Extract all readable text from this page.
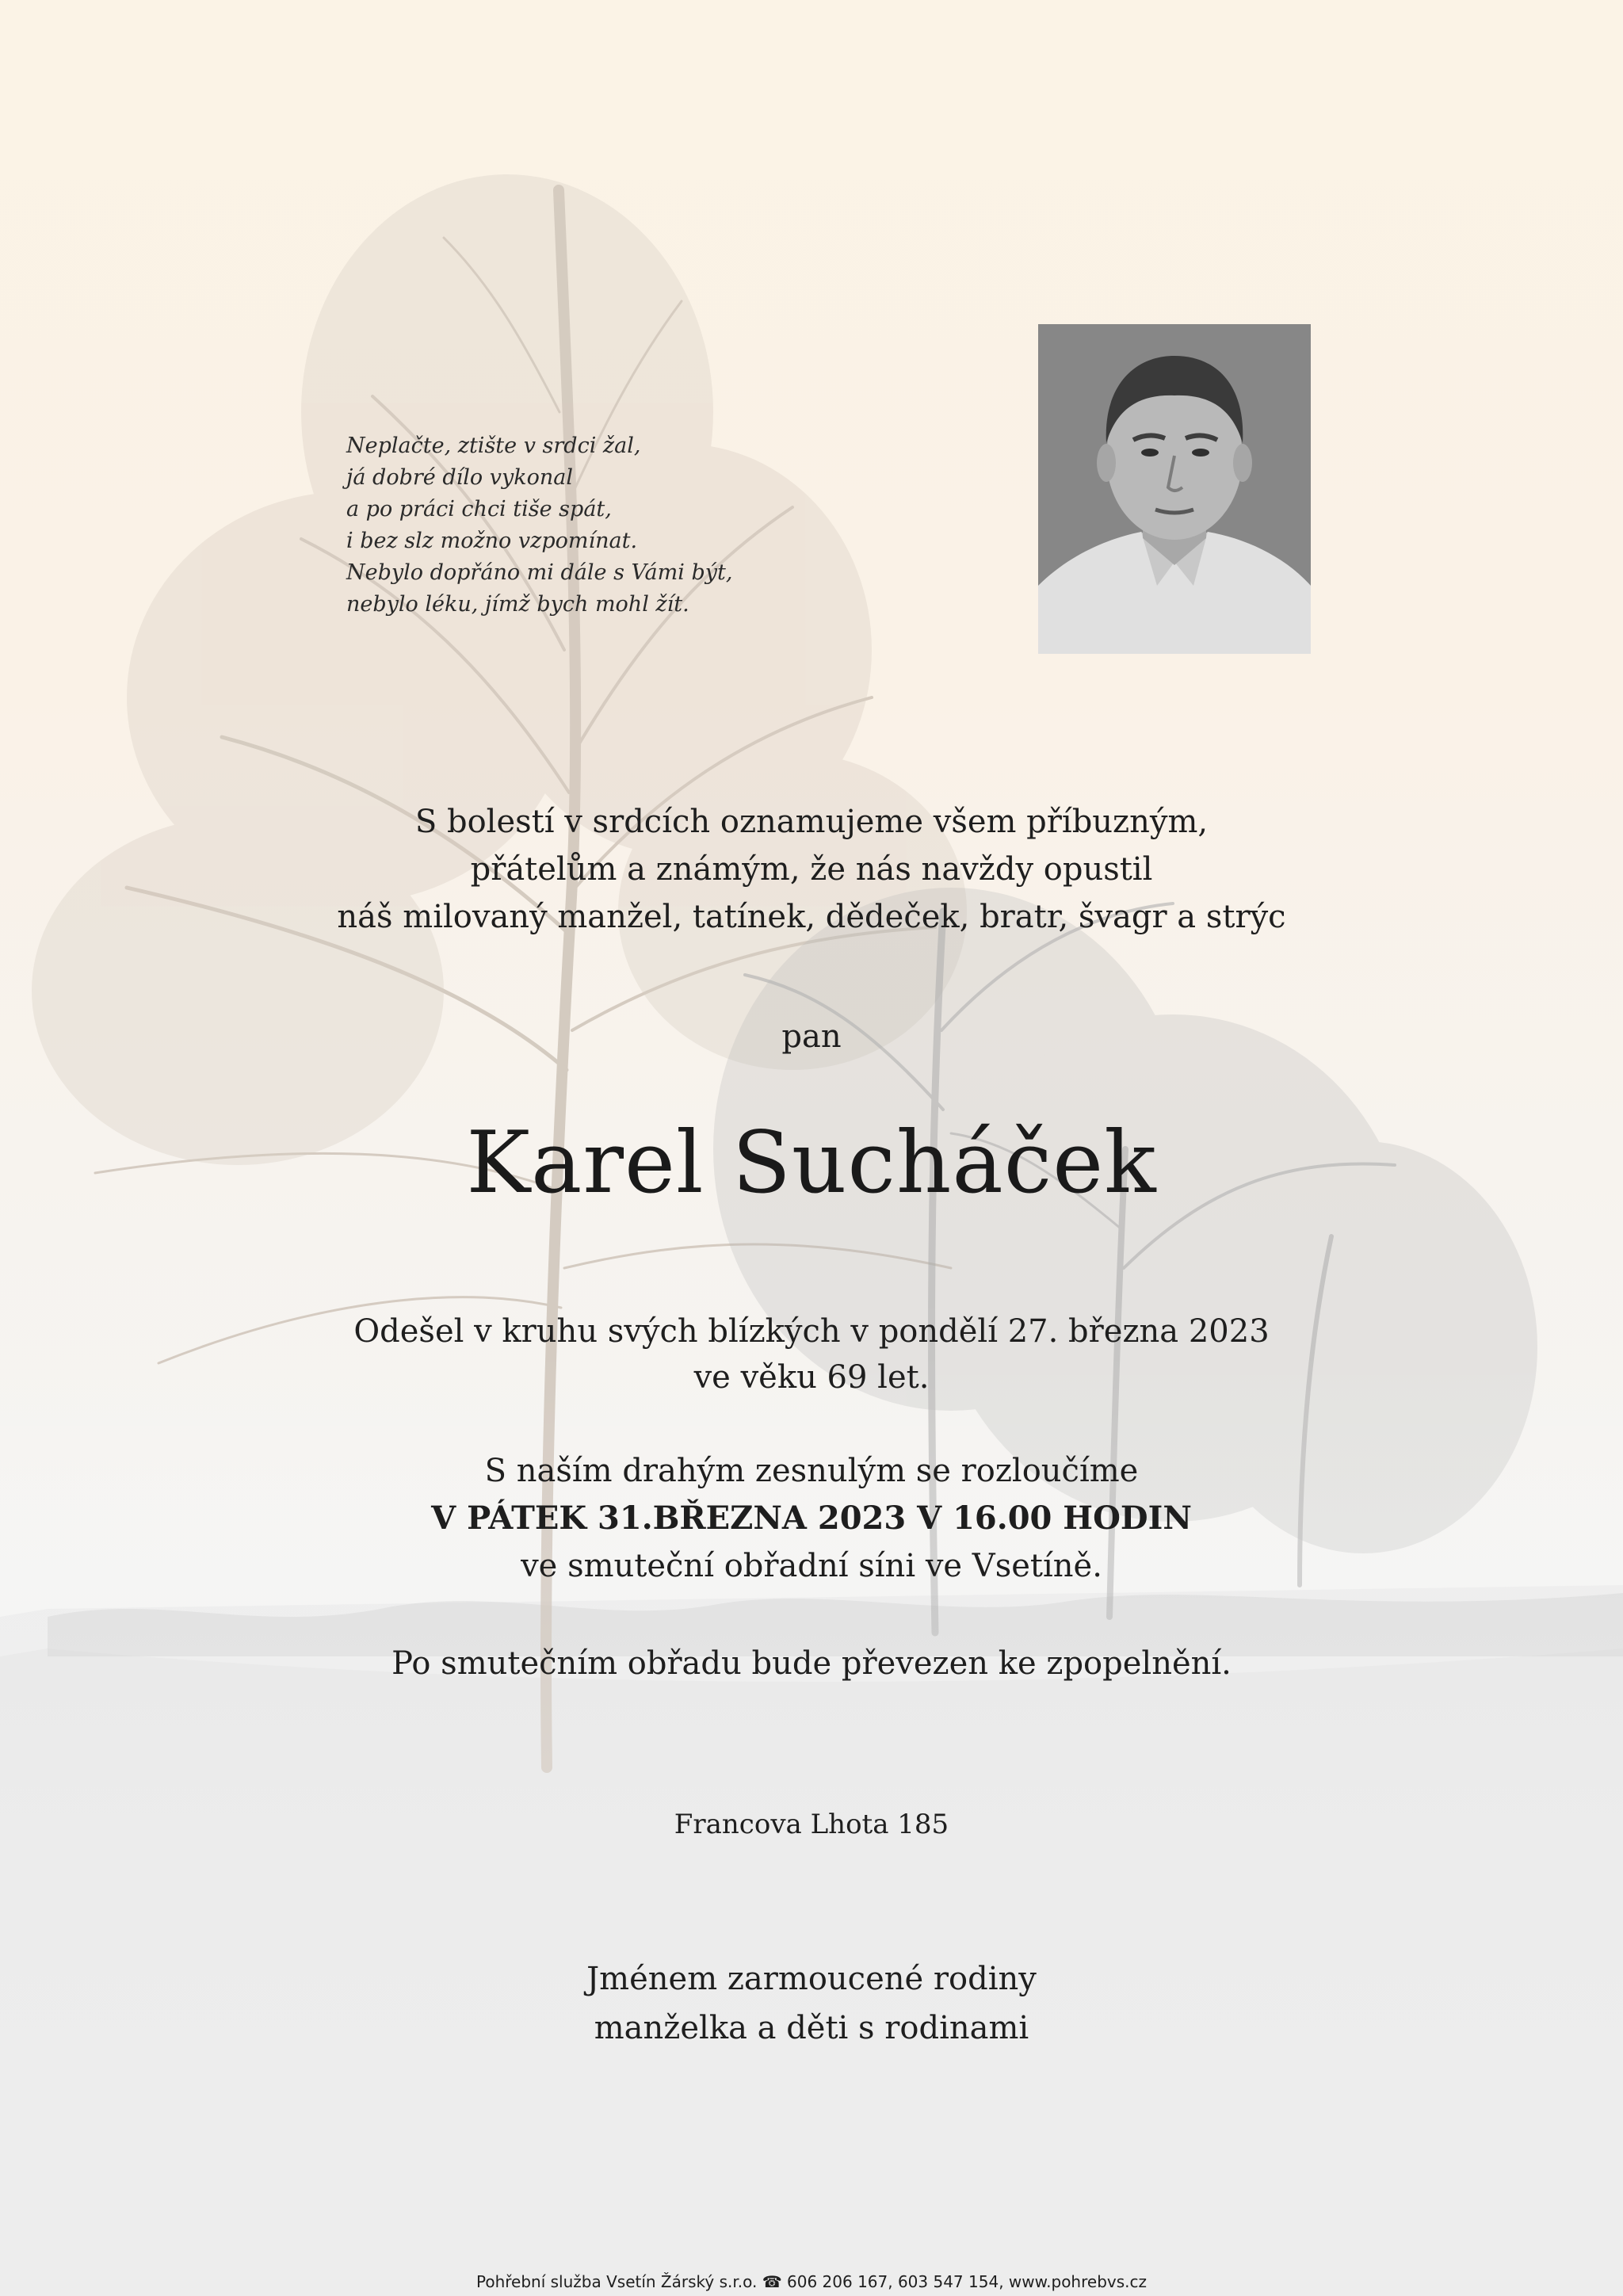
Neplačte, ztište v srdci žal,
já dobré dílo vykonal
a po práci chci tiše spát,
i bez slz možno vzpomínat.
Nebylo dopřáno mi dále s Vámi být,
nebylo léku, jímž bych mohl žít.
S bolestí v srdcích oznamujeme všem příbuzným,
přátelům a známým, že nás navždy opustil
náš milovaný manžel, tatínek, dědeček, bratr, švagr a strýc
pan
Karel Sucháček
Odešel v kruhu svých blízkých v pondělí 27. března 2023
ve věku 69 let.
S naším drahým zesnulým se rozloučíme
V PÁTEK 31.BŘEZNA 2023 V 16.00 HODIN
ve smuteční obřadní síni ve Vsetíně.
Po smutečním obřadu bude převezen ke zpopelnění.
Francova Lhota 185
Jménem zarmoucené rodiny
manželka a děti s rodinami
Pohřební služba Vsetín Žárský s.r.o. ☎ 606 206 167, 603 547 154, www.pohrebvs.cz
